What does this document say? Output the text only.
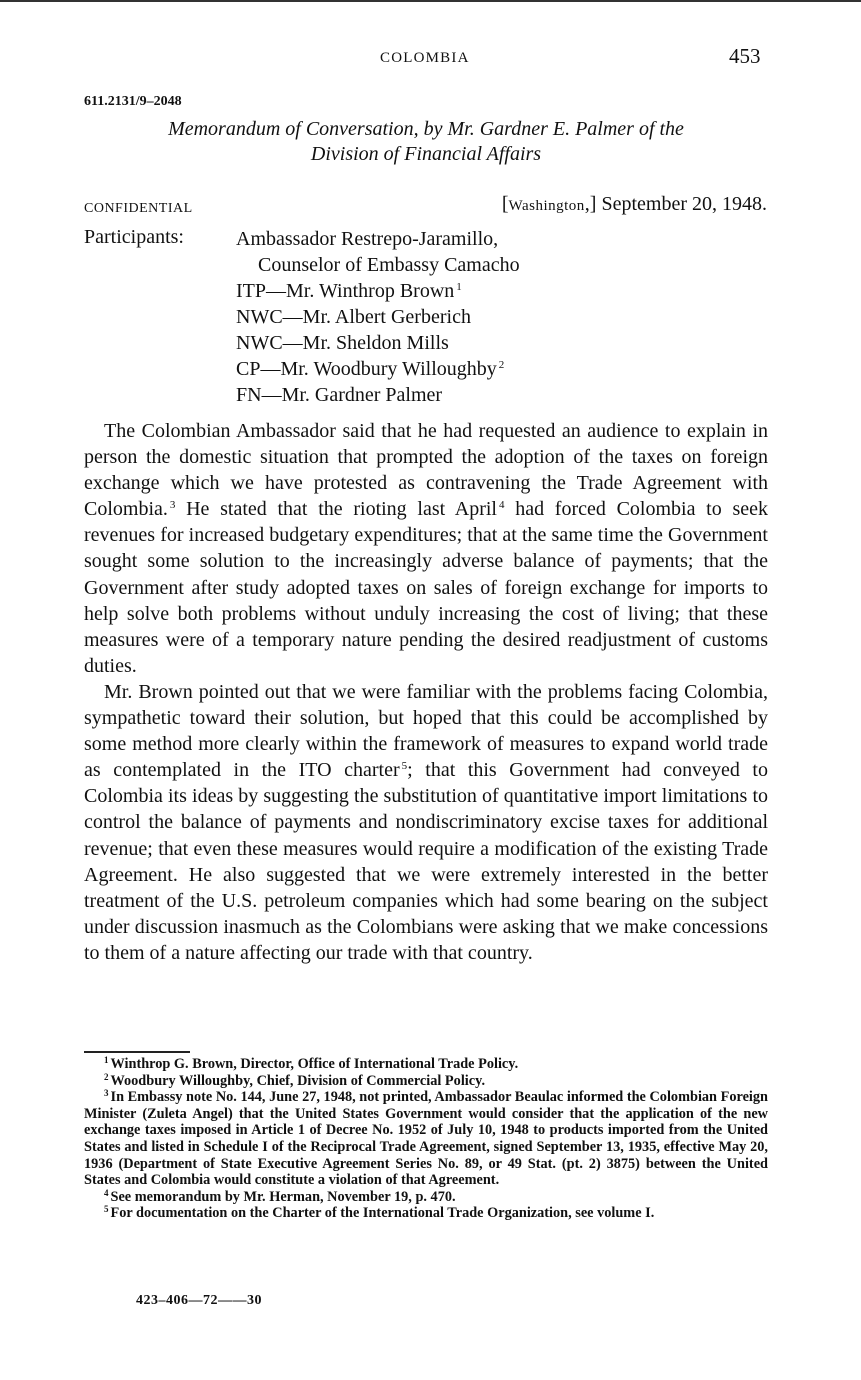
COLOMBIA	453
611.2131/9–2048
Memorandum of Conversation, by Mr. Gardner E. Palmer of the
Division of Financial Affairs
CONFIDENTIAL	[Washington,] September 20, 1948.
Participants:	Ambassador Restrepo-Jaramillo,
Counselor of Embassy Camacho
ITP—Mr. Winthrop Brown $^1$
NWC—Mr. Albert Gerberich
NWC—Mr. Sheldon Mills
CP—Mr. Woodbury Willoughby $^2$
FN—Mr. Gardner Palmer

The Colombian Ambassador said that he had requested an audience to explain in person the domestic situation that prompted the adoption of the taxes on foreign exchange which we have protested as contravening the Trade Agreement with Colombia. $^3$ He stated that the rioting last April $^4$ had forced Colombia to seek revenues for increased budgetary expenditures; that at the same time the Government sought some solution to the increasingly adverse balance of payments; that the Government after study adopted taxes on sales of foreign exchange for imports to help solve both problems without unduly increasing the cost of living; that these measures were of a temporary nature pending the desired readjustment of customs duties.

Mr. Brown pointed out that we were familiar with the problems facing Colombia, sympathetic toward their solution, but hoped that this could be accomplished by some method more clearly within the framework of measures to expand world trade as contemplated in the ITO charter $^5$; that this Government had conveyed to Colombia its ideas by suggesting the substitution of quantitative import limitations to control the balance of payments and nondiscriminatory excise taxes for additional revenue; that even these measures would require a modification of the existing Trade Agreement. He also suggested that we were extremely interested in the better treatment of the U.S. petroleum companies which had some bearing on the subject under discussion inasmuch as the Colombians were asking that we make concessions to them of a nature affecting our trade with that country.

$^1$ Winthrop G. Brown, Director, Office of International Trade Policy.

$^2$ Woodbury Willoughby, Chief, Division of Commercial Policy.

$^3$ In Embassy note No. 144, June 27, 1948, not printed, Ambassador Beaulac informed the Colombian Foreign Minister (Zuleta Angel) that the United States Government would consider that the application of the new exchange taxes imposed in Article 1 of Decree No. 1952 of July 10, 1948 to products imported from the United States and listed in Schedule I of the Reciprocal Trade Agreement, signed September 13, 1935, effective May 20, 1936 (Department of State Executive Agreement Series No. 89, or 49 Stat. (pt. 2) 3875) between the United States and Colombia would constitute a violation of that Agreement.

$^4$ See memorandum by Mr. Herman, November 19, p. 470.

$^5$ For documentation on the Charter of the International Trade Organization, see volume I.

423–406—72——30
